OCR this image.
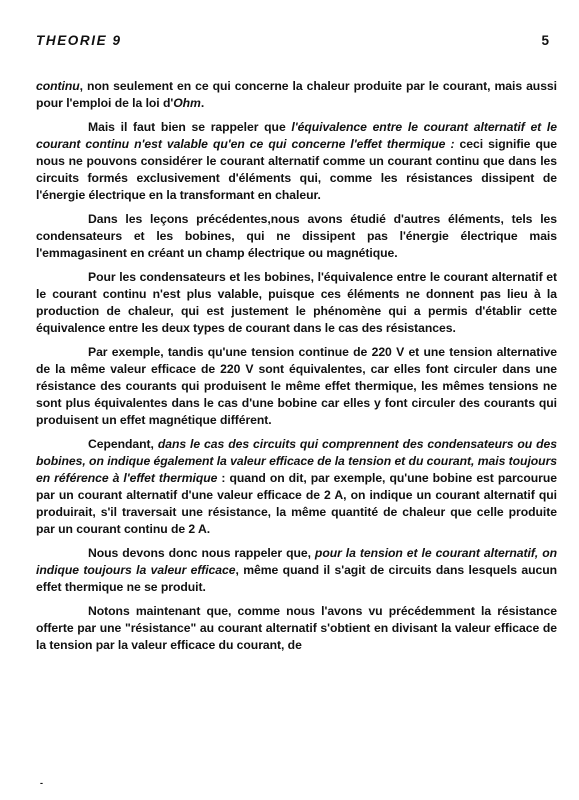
THEORIE 9	5

continu, non seulement en ce qui concerne la chaleur produite par le courant, mais aussi pour l'emploi de la loi d'Ohm.

Mais il faut bien se rappeler que l'équivalence entre le courant alternatif et le courant continu n'est valable qu'en ce qui concerne l'effet thermique : ceci signifie que nous ne pouvons considérer le courant alternatif comme un courant continu que dans les circuits formés exclusivement d'éléments qui, comme les résistances dissipent de l'énergie électrique en la transformant en chaleur.

Dans les leçons précédentes,nous avons étudié d'autres éléments, tels les condensateurs et les bobines, qui ne dissipent pas l'énergie électrique mais l'emmagasinent en créant un champ électrique ou magnétique.

Pour les condensateurs et les bobines, l'équivalence entre le courant alternatif et le courant continu n'est plus valable, puisque ces éléments ne donnent pas lieu à la production de chaleur, qui est justement le phénomène qui a permis d'établir cette équivalence entre les deux types de courant dans le cas des résistances.

Par exemple, tandis qu'une tension continue de 220 V et une tension alternative de la même valeur efficace de 220 V sont équivalentes, car elles font circuler dans une résistance des courants qui produisent le même effet thermique, les mêmes tensions ne sont plus équivalentes dans le cas d'une bobine car elles y font circuler des courants qui produisent un effet magnétique différent.

Cependant, dans le cas des circuits qui comprennent des condensateurs ou des bobines, on indique également la valeur efficace de la tension et du courant, mais toujours en référence à l'effet thermique : quand on dit, par exemple, qu'une bobine est parcourue par un courant alternatif d'une valeur efficace de 2 A, on indique un courant alternatif qui produirait, s'il traversait une résistance, la même quantité de chaleur que celle produite par un courant continu de 2 A.

Nous devons donc nous rappeler que, pour la tension et le courant alternatif, on indique toujours la valeur efficace, même quand il s'agit de circuits dans lesquels aucun effet thermique ne se produit.

Notons maintenant que, comme nous l'avons vu précédemment la résistance offerte par une "résistance" au courant alternatif s'obtient en divisant la valeur efficace de la tension par la valeur efficace du courant, de

-
